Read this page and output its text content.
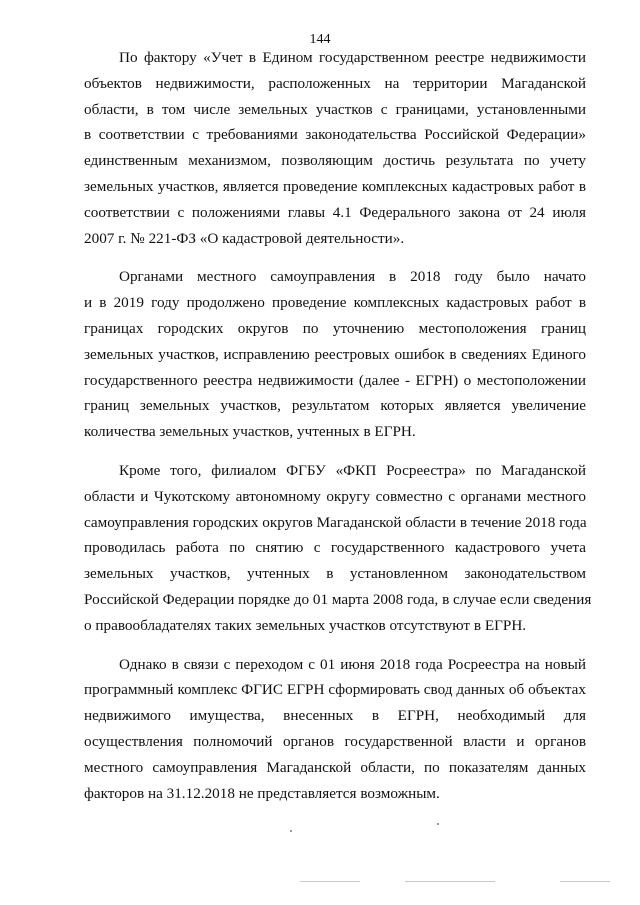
144

По фактору «Учет в Едином государственном реестре недвижимости
объектов недвижимости, расположенных на территории Магаданской
области, в том числе земельных участков с границами, установленными
в соответствии с требованиями законодательства Российской Федерации»
единственным механизмом, позволяющим достичь результата по учету
земельных участков, является проведение комплексных кадастровых работ в
соответствии с положениями главы 4.1 Федерального закона от 24 июля
2007 г. № 221-ФЗ «О кадастровой деятельности».

Органами местного самоуправления в 2018 году было начато
и в 2019 году продолжено проведение комплексных кадастровых работ в
границах городских округов по уточнению местоположения границ
земельных участков, исправлению реестровых ошибок в сведениях Единого
государственного реестра недвижимости (далее - ЕГРН) о местоположении
границ земельных участков, результатом которых является увеличение
количества земельных участков, учтенных в ЕГРН.

Кроме того, филиалом ФГБУ «ФКП Росреестра» по Магаданской
области и Чукотскому автономному округу совместно с органами местного
самоуправления городских округов Магаданской области в течение 2018 года
проводилась работа по снятию с государственного кадастрового учета
земельных участков, учтенных в установленном законодательством
Российской Федерации порядке до 01 марта 2008 года, в случае если сведения
о правообладателях таких земельных участков отсутствуют в ЕГРН.

Однако в связи с переходом с 01 июня 2018 года Росреестра на новый
программный комплекс ФГИС ЕГРН сформировать свод данных об объектах
недвижимого имущества, внесенных в ЕГРН, необходимый для
осуществления полномочий органов государственной власти и органов
местного самоуправления Магаданской области, по показателям данных
факторов на 31.12.2018 не представляется возможным.
